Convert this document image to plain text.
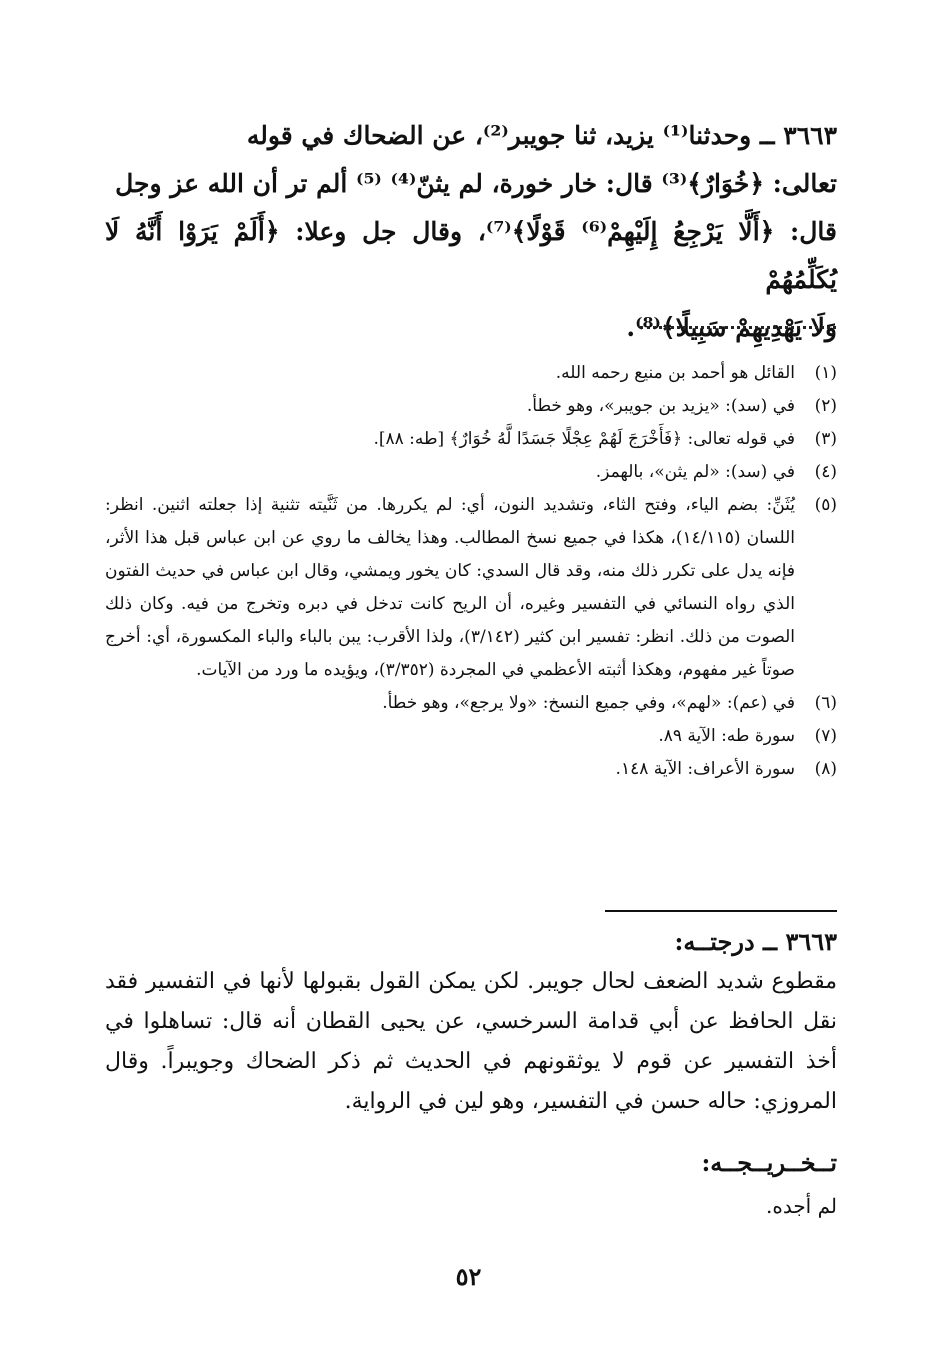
٣٦٦٣ ــ وحدثنا⁽¹⁾ يزيد، ثنا جويبر⁽²⁾، عن الضحاك في قوله

تعالى: ﴿خُوَارٌ﴾⁽³⁾ قال: خار خورة، لم يثنّ⁽⁴⁾ ⁽⁵⁾ ألم تر أن الله عز وجل

قال: ﴿أَلَّا يَرْجِعُ إِلَيْهِمْ⁽⁶⁾ قَوْلًا﴾⁽⁷⁾، وقال جل وعلا: ﴿أَلَمْ يَرَوْا أَنَّهُ لَا يُكَلِّمُهُمْ

وَلَا يَهْدِيهِمْ سَبِيلًا﴾⁽⁸⁾.

(١)
القائل هو أحمد بن منيع رحمه الله.
(٢)
في (سد): «يزيد بن جويبر»، وهو خطأ.
(٣)
في قوله تعالى: ﴿فَأَخْرَجَ لَهُمْ عِجْلًا جَسَدًا لَّهُ خُوَارٌ﴾ [طه: ٨٨].
(٤)
في (سد): «لم يثن»، بالهمز.
(٥)
يُثَنِّ: بضم الياء، وفتح الثاء، وتشديد النون، أي: لم يكررها. من ثَنَّيته تثنية إذا جعلته اثنين. انظر: اللسان (١٤/١١٥)، هكذا في جميع نسخ المطالب. وهذا يخالف ما روي عن ابن عباس قبل هذا الأثر، فإنه يدل على تكرر ذلك منه، وقد قال السدي: كان يخور ويمشي، وقال ابن عباس في حديث الفتون الذي رواه النسائي في التفسير وغيره، أن الريح كانت تدخل في دبره وتخرج من فيه. وكان ذلك الصوت من ذلك. انظر: تفسير ابن كثير (٣/١٤٢)، ولذا الأقرب: يبن بالباء والباء المكسورة، أي: أخرج صوتاً غير مفهوم، وهكذا أثبته الأعظمي في المجردة (٣/٣٥٢)، ويؤيده ما ورد من الآيات.
(٦)
في (عم): «لهم»، وفي جميع النسخ: «ولا يرجع»، وهو خطأ.
(٧)
سورة طه: الآية ٨٩.
(٨)
سورة الأعراف: الآية ١٤٨.
٣٦٦٣ ــ درجتــه:

مقطوع شديد الضعف لحال جويبر. لكن يمكن القول بقبولها لأنها في التفسير فقد نقل الحافظ عن أبي قدامة السرخسي، عن يحيى القطان أنه قال: تساهلوا في أخذ التفسير عن قوم لا يوثقونهم في الحديث ثم ذكر الضحاك وجويبراً. وقال المروزي: حاله حسن في التفسير، وهو لين في الرواية.

تــخــريــجــه:
لم أجده.
٥٢
